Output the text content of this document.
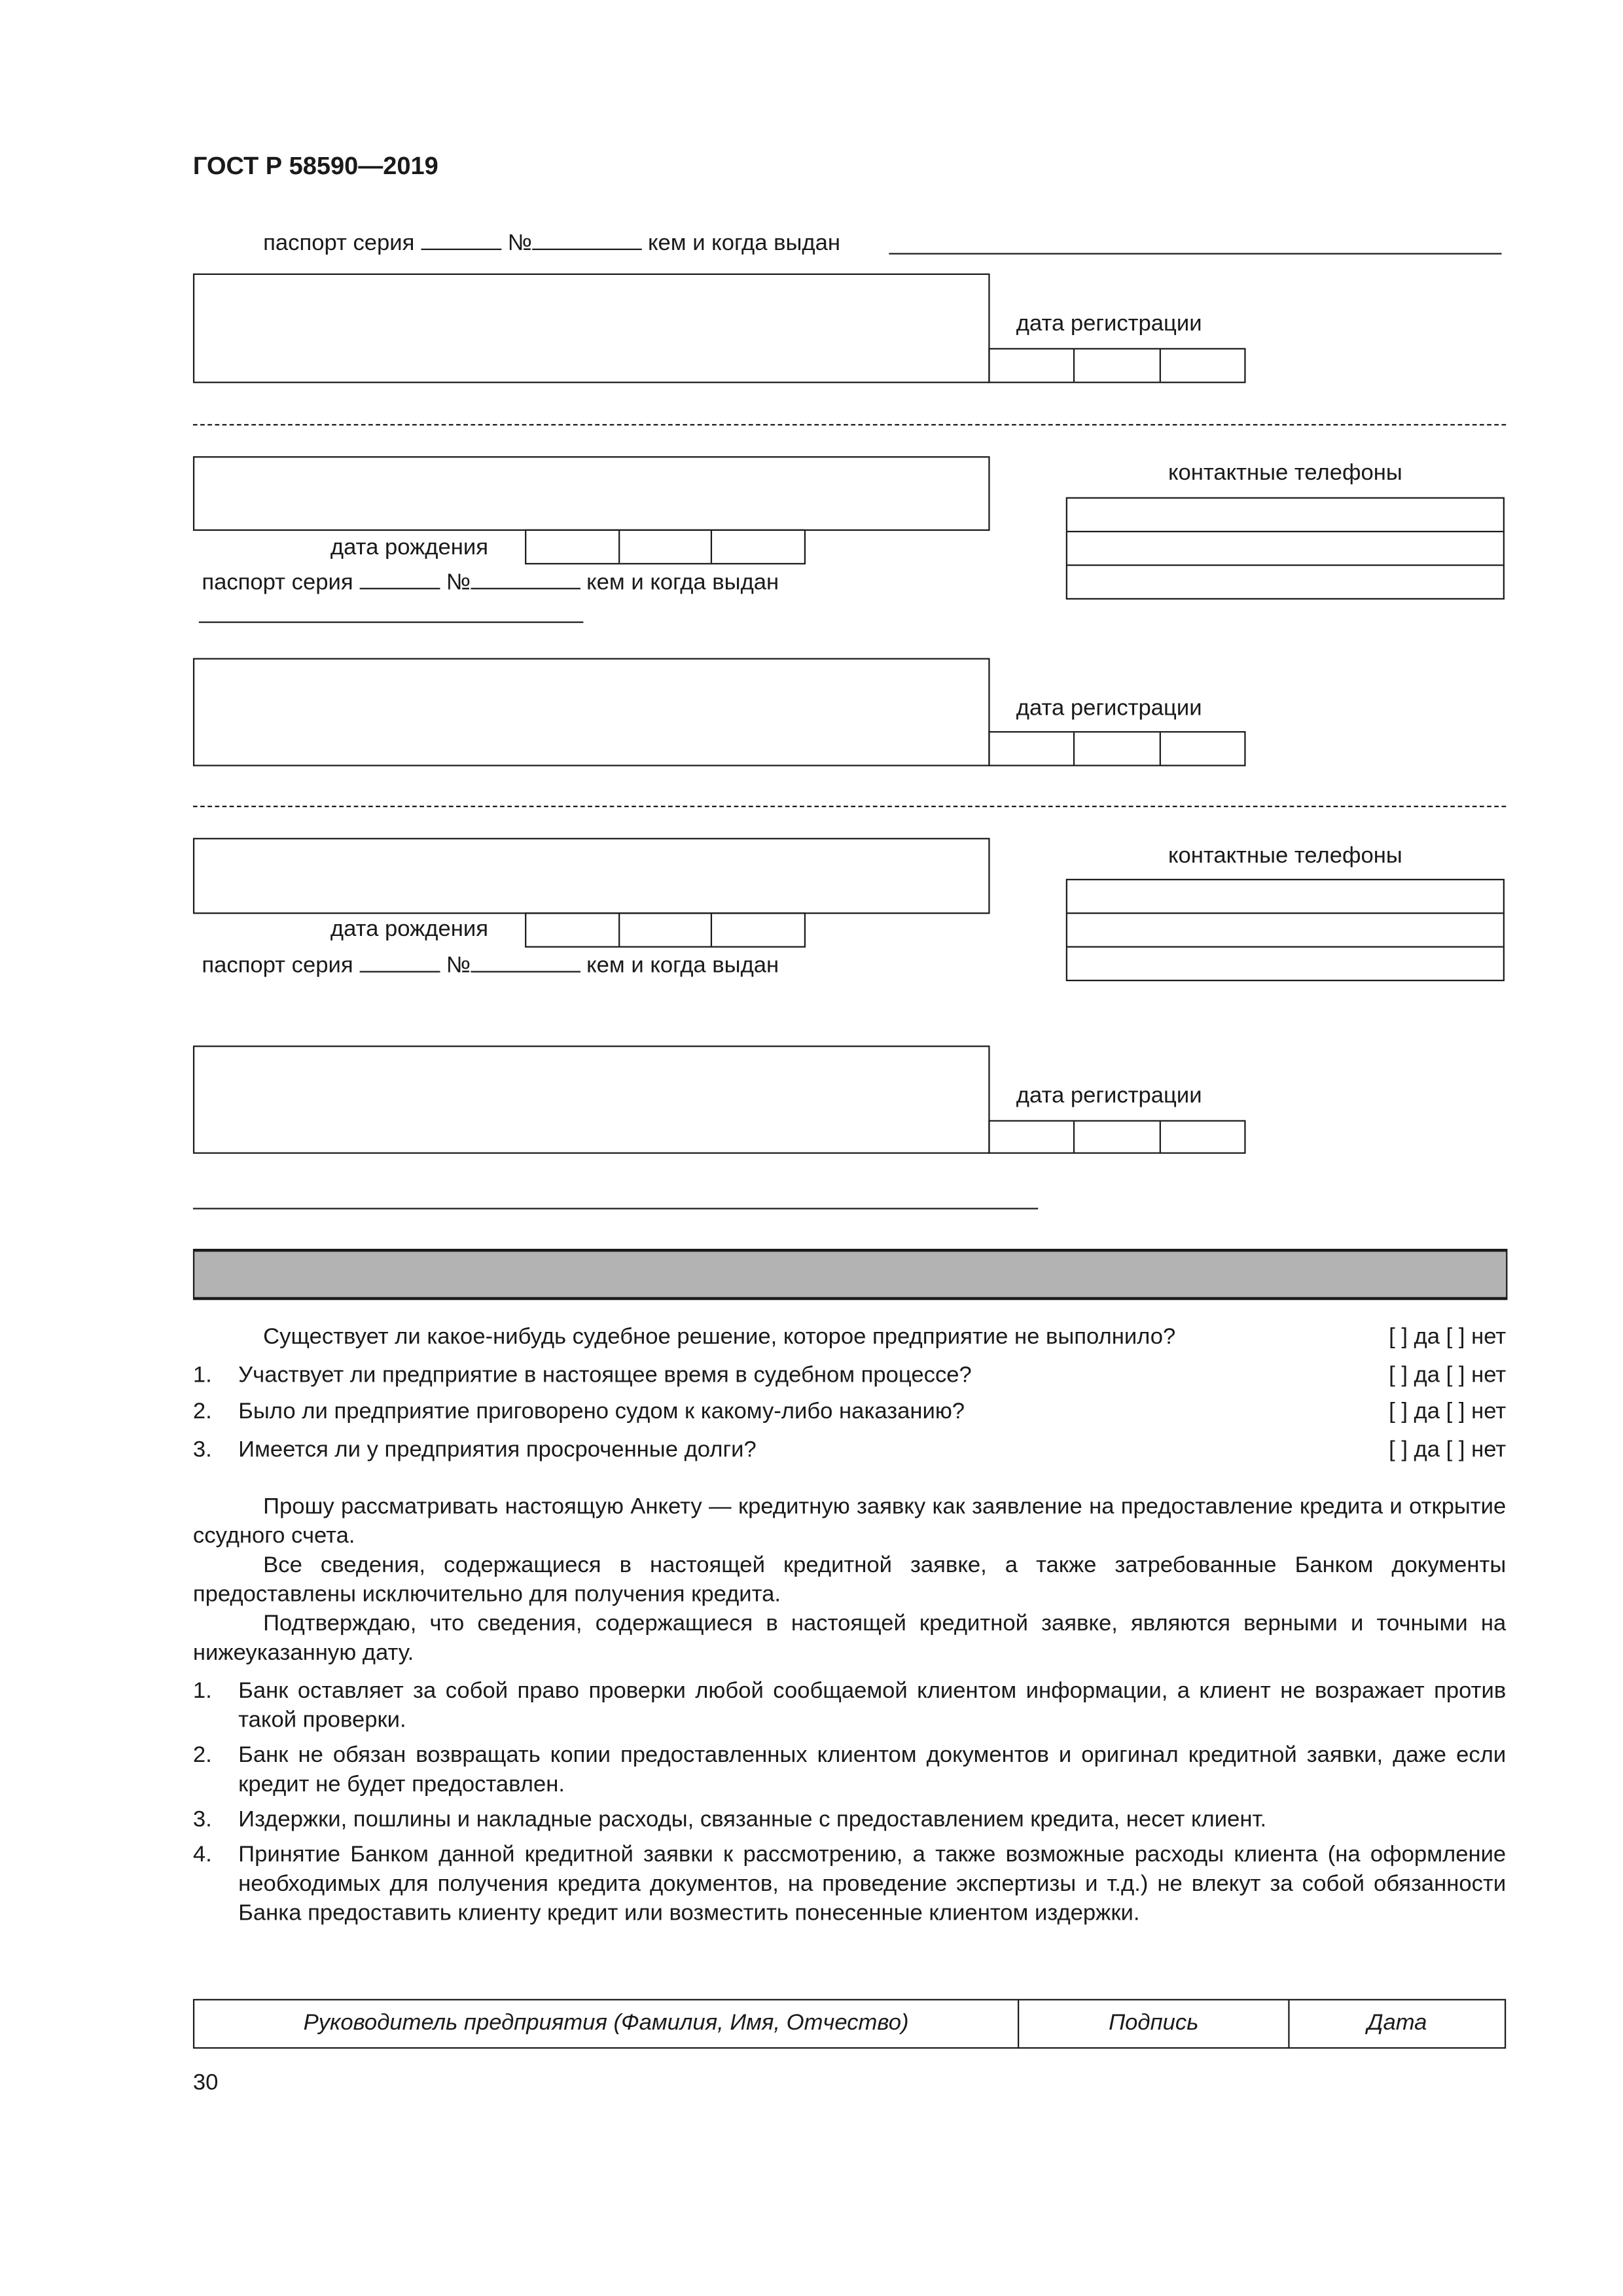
ГОСТ Р 58590—2019
паспорт серия	№	кем и когда выдан
дата регистрации
контактные телефоны
дата рождения
паспорт серия	№	кем и когда выдан
дата регистрации
контактные телефоны
дата рождения
паспорт серия	№	кем и когда выдан
дата регистрации
Существует ли какое-нибудь судебное решение, которое предприятие не выполнило?	[ ] да [ ] нет
1.	Участвует ли предприятие в настоящее время в судебном процессе?	[ ] да [ ] нет
2.	Было ли предприятие приговорено судом к какому-либо наказанию?	[ ] да [ ] нет
3.	Имеется ли у предприятия просроченные долги?	[ ] да [ ] нет

Прошу рассматривать настоящую Анкету — кредитную заявку как заявление на предоставление кредита и открытие ссудного счета.

Все сведения, содержащиеся в настоящей кредитной заявке, а также затребованные Банком документы предоставлены исключительно для получения кредита.

Подтверждаю, что сведения, содержащиеся в настоящей кредитной заявке, являются верными и точными на нижеуказанную дату.

1.	Банк оставляет за собой право проверки любой сообщаемой клиентом информации, а клиент не возражает против такой проверки.
2.	Банк не обязан возвращать копии предоставленных клиентом документов и оригинал кредитной заявки, даже если кредит не будет предоставлен.
3.	Издержки, пошлины и накладные расходы, связанные с предоставлением кредита, несет клиент.
4.	Принятие Банком данной кредитной заявки к рассмотрению, а также возможные расходы клиента (на оформление необходимых для получения кредита документов, на проведение экспертизы и т.д.) не влекут за собой обязанности Банка предоставить клиенту кредит или возместить понесенные клиентом издержки.
Руководитель предприятия (Фамилия, Имя, Отчество)	Подпись	Дата
30
